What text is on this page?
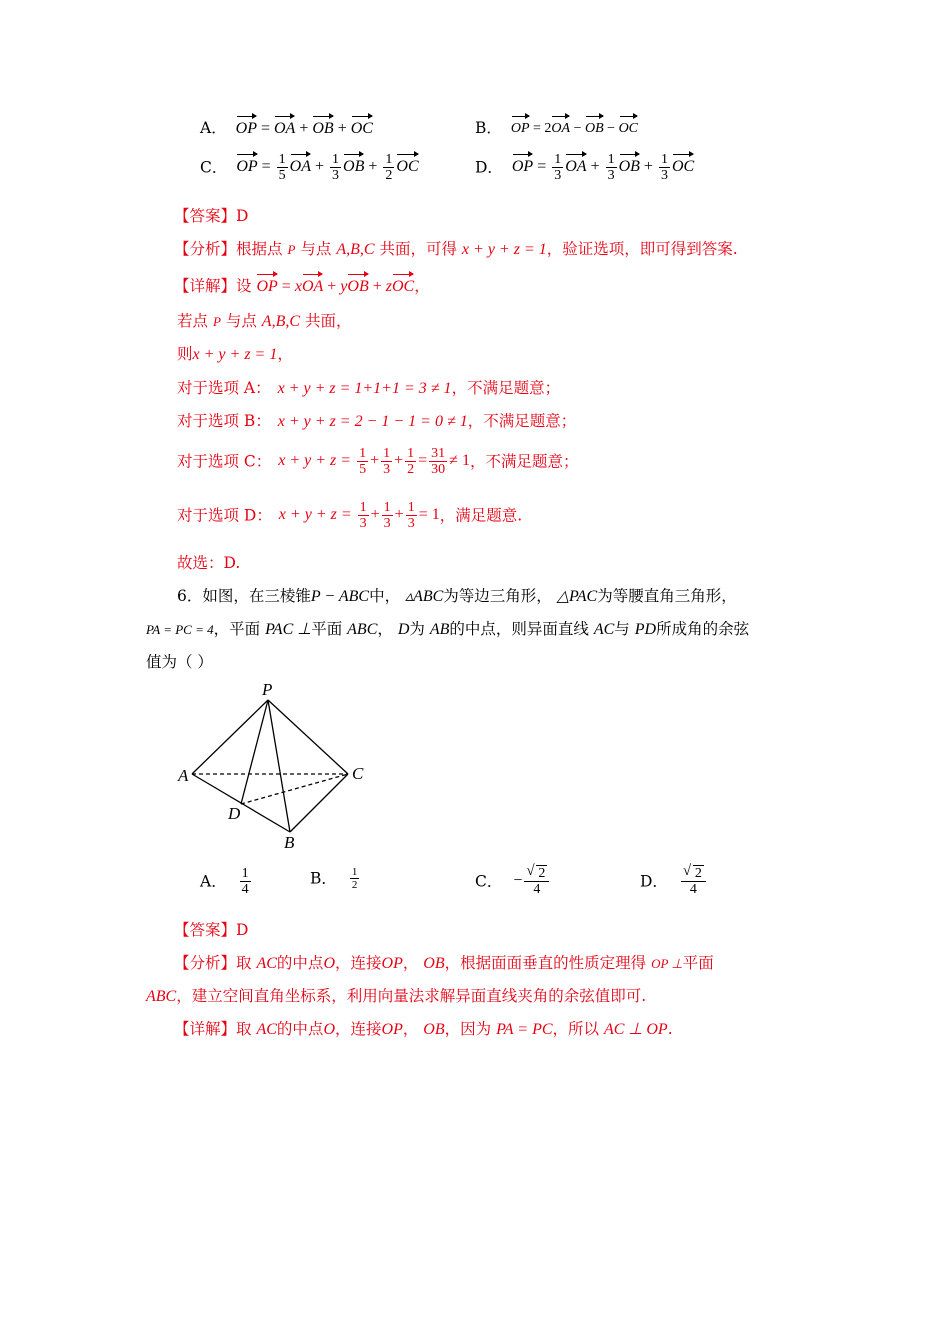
A． OP = OA + OB + OC	B． OP = 2OA − OB − OC
C． OP = $\frac{1}{5}$ OA + $\frac{1}{3}$ OB + $\frac{1}{2}$ OC	D． OP = $\frac{1}{3}$ OA + $\frac{1}{3}$ OB + $\frac{1}{3}$ OC
【答案】D
【分析】根据点 P 与点 A,B,C 共面，可得 x + y + z = 1，验证选项，即可得到答案.
【详解】设 OP = xOA + yOB + zOC，
若点 P 与点 A,B,C 共面，
则x + y + z = 1，
对于选项 A： x + y + z = 1+1+1 = 3 ≠ 1，不满足题意；
对于选项 B： x + y + z = 2 − 1 − 1 = 0 ≠ 1，不满足题意；
对于选项 C： $x + y + z = \frac{1}{5} + \frac{1}{3} + \frac{1}{2} = \frac{31}{30} \ne 1$，不满足题意；
对于选项 D： $x + y + z = \frac{1}{3} + \frac{1}{3} + \frac{1}{3} = 1$，满足题意.
故选：D.
6．如图，在三棱锥P − ABC中， ▵ABC为等边三角形， △PAC为等腰直角三角形，
PA = PC = 4，平面 PAC ⊥平面 ABC， D为 AB的中点，则异面直线 AC与 PD所成角的余弦
值为（ ）
P
A	C
D
B
A． $\frac{1}{4}$	B． $\frac{1}{2}$	C． − √ $\frac{2}{4}$	D． √ $\frac{2}{4}$
【答案】D
【分析】取 AC的中点O，连接OP， OB，根据面面垂直的性质定理得 OP ⊥平面
ABC，建立空间直角坐标系，利用向量法求解异面直线夹角的余弦值即可.
【详解】取 AC的中点O，连接OP， OB，因为 PA = PC，所以 AC ⊥ OP.
